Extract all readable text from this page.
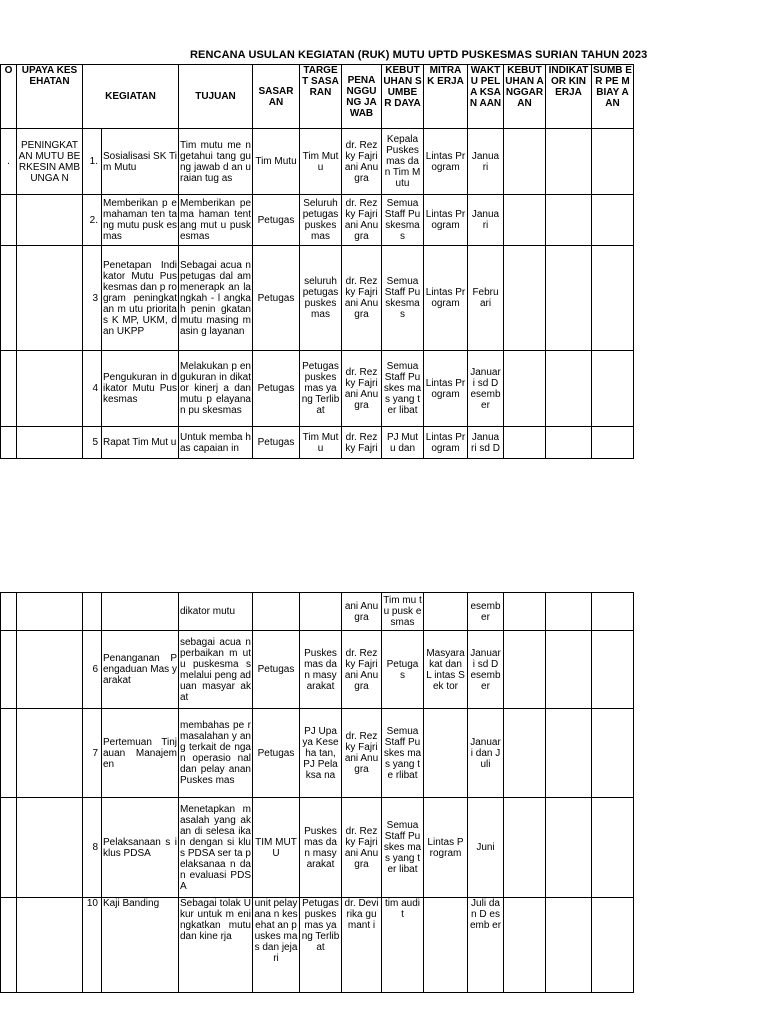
RENCANA USULAN KEGIATAN (RUK) MUTU UPTD PUSKESMAS SURIAN TAHUN 2023
O	UPAYA KES EHATAN	KEGIATAN		TUJUAN	SASAR AN	TARGE T SASA RAN	PENA NGGU NG JA WAB	KEBUT UHAN SUMBE R DAYA	MITRA K ERJA	WAKT U PELA KSAN AAN	KEBUT UHAN A NGGAR AN	INDIKAT OR KIN ERJA	SUMB ER PE MBIAY AAN
.	PENINGKAT AN MUTU BERKESIN AMBUNGA N	1.	Sosialisasi SK Tim Mutu	Tim mutu me ngetahui tang gung jawab d an uraian tug as	Tim Mutu	Tim Mut u	dr. Rez ky Fajri ani Anu gra	Kepala Puskes mas da n Tim M utu	Lintas Pr ogram	Janua ri			
		2.	Memberikan p emahaman ten tang mutu pusk esmas	Memberikan pema haman tentang mut u puskesmas	Petugas	Seluruh petugas puskes mas	dr. Rez ky Fajri ani Anu gra	Semua Staff Pu skesma s	Lintas Pr ogram	Janua ri			
		3	Penetapan Indi kator Mutu Pus kesmas dan p rogram peningkatan m utu prioritas K MP, UKM, dan UKPP	Sebagai acua n petugas dal am menerapk an langkah - l angkah penin gkatan mutu masing masin g layanan	Petugas	seluruh petugas puskes mas	dr. Rez ky Fajri ani Anu gra	Semua Staff Pu skesma s	Lintas Pr ogram	Febru ari			
		4	Pengukuran in dikator Mutu Puskesmas	Melakukan p engukuran in dikator kinerj a dan mutu p elayanan pu skesmas	Petugas	Petugas puskes mas ya ng Terlibat	dr. Rez ky Fajri ani Anu gra	Semua Staff Puskes mas yang ter libat	Lintas Pr ogram	Januar i sd D esemb er			
		5	Rapat Tim Mut u	Untuk memba has capaian in	Petugas	Tim Mut u	dr. Rez ky Fajri	PJ Mut u dan	Lintas Pr ogram	Janua ri sd D			
				dikator mutu			ani Anu gra	Tim mu tu pusk esmas		esemb er			
		6	Penanganan P engaduan Mas yarakat	sebagai acua n perbaikan m utu puskesma s melalui peng aduan masyar akat	Petugas	Puskes mas da n masy arakat	dr. Rez ky Fajri ani Anu gra	Petuga s	Masyara kat dan L intas Sek tor	Januar i sd D esemb er			
		7	Pertemuan Tinj auan Manajem en	membahas pe rmasalahan y ang terkait de ngan operasio nal dan pelay anan Puskes mas	Petugas	PJ Upa ya Keseha tan, PJ Pelaksa na	dr. Rez ky Fajri ani Anu gra	Semua Staff Puskes mas yang te rlibat		Januar i dan J uli			
		8	Pelaksanaan s iklus PDSA	Menetapkan masalah yang akan di selesa ikan dengan si klus PDSA ser ta pelaksanaa n dan evaluasi PDSA	TIM MUT U	Puskes mas da n masy arakat	dr. Rez ky Fajri ani Anu gra	Semua Staff Puskes mas yang ter libat	Lintas P rogram	Juni			
		10	Kaji Banding	Sebagai tolak Ukur untuk m eningkatkan mutu dan kine rja	unit pelayana n kesehat an puskes mas dan jejari	Petugas puskes mas ya ng Terlibat	dr. Devi rika gumant i	tim audi t		Juli dan D esemb er			
